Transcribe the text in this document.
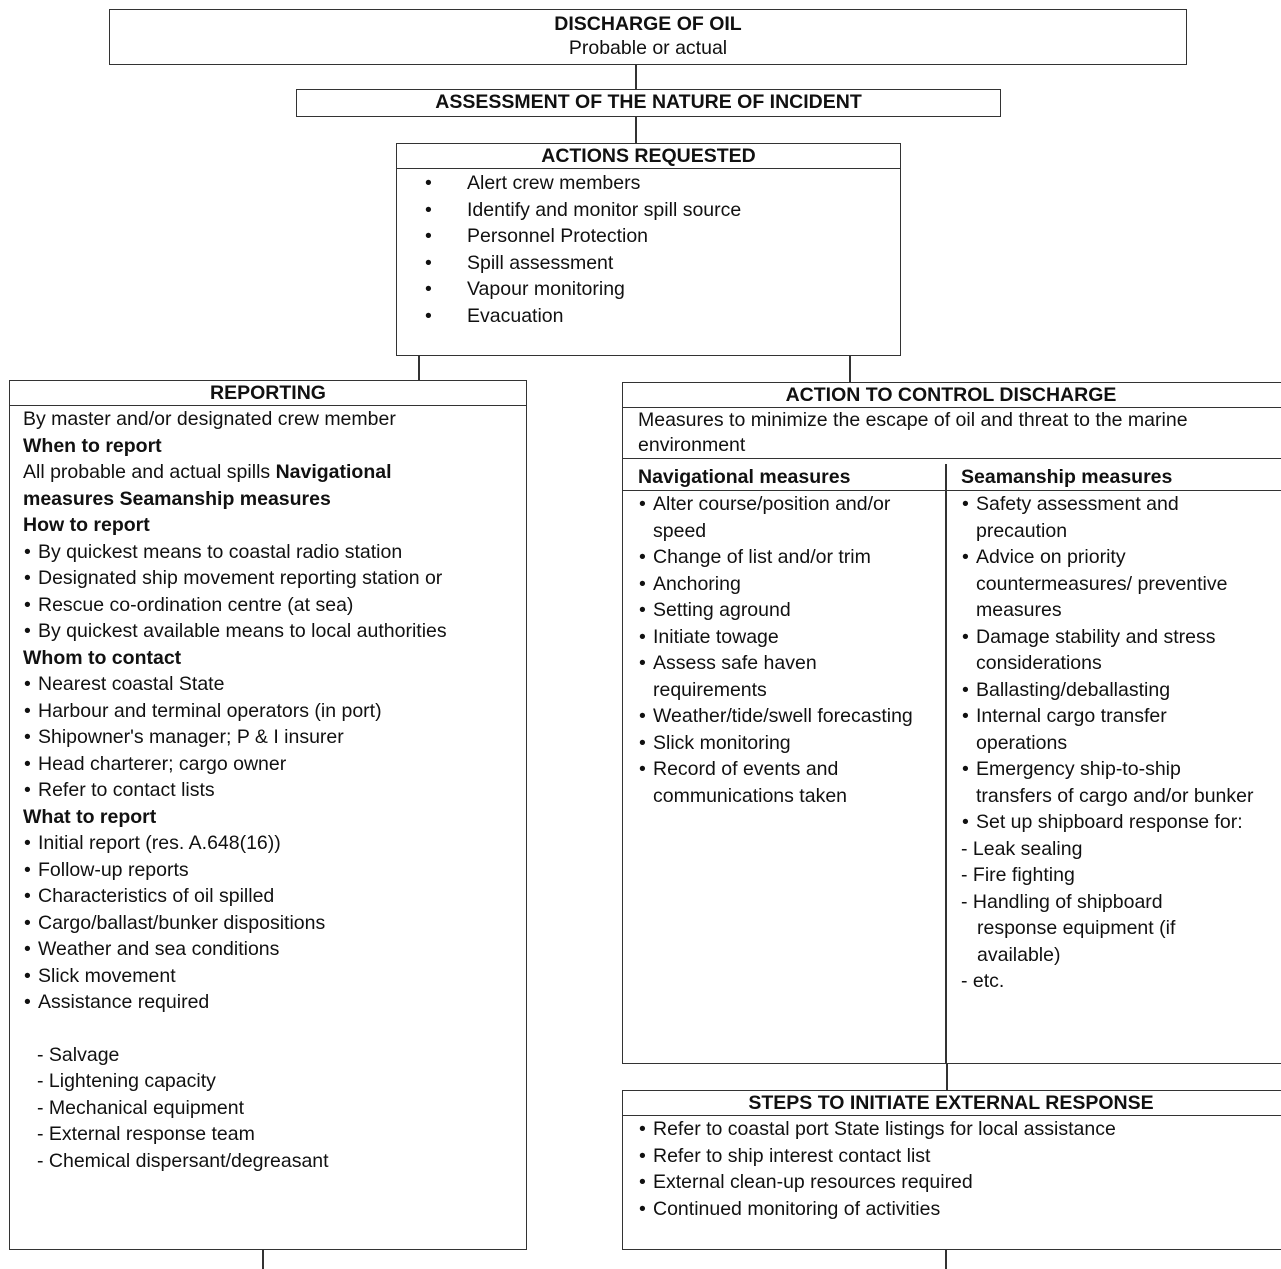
DISCHARGE OF OIL
Probable or actual
ASSESSMENT OF THE NATURE OF INCIDENT
ACTIONS REQUESTED
• Alert crew members
• Identify and monitor spill source
• Personnel Protection
• Spill assessment
• Vapour monitoring
• Evacuation
REPORTING
By master and/or designated crew member
When to report
All probable and actual spills Navigational measures Seamanship measures
How to report
• By quickest means to coastal radio station
• Designated ship movement reporting station or
• Rescue co-ordination centre (at sea)
• By quickest available means to local authorities
Whom to contact
• Nearest coastal State
• Harbour and terminal operators (in port)
• Shipowner's manager; P & I insurer
• Head charterer; cargo owner
• Refer to contact lists
What to report
• Initial report (res. A.648(16))
• Follow-up reports
• Characteristics of oil spilled
• Cargo/ballast/bunker dispositions
• Weather and sea conditions
• Slick movement
• Assistance required
- Salvage
- Lightening capacity
- Mechanical equipment
- External response team
- Chemical dispersant/degreasant
ACTION TO CONTROL DISCHARGE
Measures to minimize the escape of oil and threat to the marine environment
Navigational measures
• Alter course/position and/or speed
• Change of list and/or trim
• Anchoring
• Setting aground
• Initiate towage
• Assess safe haven requirements
• Weather/tide/swell forecasting
• Slick monitoring
• Record of events and communications taken
Seamanship measures
• Safety assessment and precaution
• Advice on priority countermeasures/ preventive measures
• Damage stability and stress considerations
• Ballasting/deballasting
• Internal cargo transfer operations
• Emergency ship-to-ship transfers of cargo and/or bunker
• Set up shipboard response for:
- Leak sealing
- Fire fighting
- Handling of shipboard response equipment (if available)
- etc.
STEPS TO INITIATE EXTERNAL RESPONSE
• Refer to coastal port State listings for local assistance
• Refer to ship interest contact list
• External clean-up resources required
• Continued monitoring of activities
